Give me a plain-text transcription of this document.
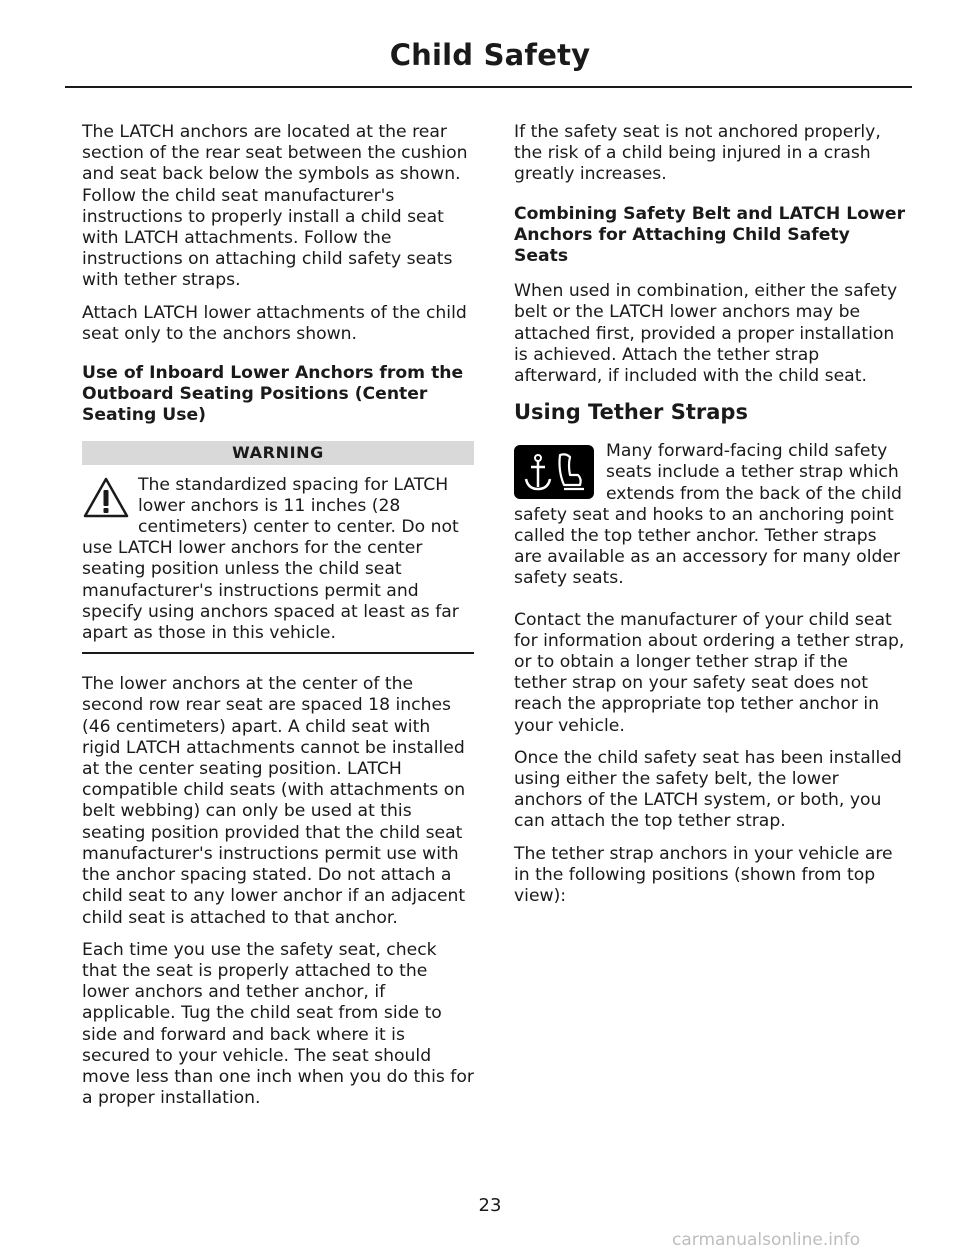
Child Safety

The LATCH anchors are located at the rear section of the rear seat between the cushion and seat back below the symbols as shown. Follow the child seat manufacturer's instructions to properly install a child seat with LATCH attachments. Follow the instructions on attaching child safety seats with tether straps.

Attach LATCH lower attachments of the child seat only to the anchors shown.

Use of Inboard Lower Anchors from the Outboard Seating Positions (Center Seating Use)
WARNING

The standardized spacing for LATCH lower anchors is 11 inches (28 centimeters) center to center. Do not use LATCH lower anchors for the center seating position unless the child seat manufacturer's instructions permit and specify using anchors spaced at least as far apart as those in this vehicle.

The lower anchors at the center of the second row rear seat are spaced 18 inches (46 centimeters) apart. A child seat with rigid LATCH attachments cannot be installed at the center seating position. LATCH compatible child seats (with attachments on belt webbing) can only be used at this seating position provided that the child seat manufacturer's instructions permit use with the anchor spacing stated. Do not attach a child seat to any lower anchor if an adjacent child seat is attached to that anchor.

Each time you use the safety seat, check that the seat is properly attached to the lower anchors and tether anchor, if applicable. Tug the child seat from side to side and forward and back where it is secured to your vehicle. The seat should move less than one inch when you do this for a proper installation.

If the safety seat is not anchored properly, the risk of a child being injured in a crash greatly increases.

Combining Safety Belt and LATCH Lower Anchors for Attaching Child Safety Seats

When used in combination, either the safety belt or the LATCH lower anchors may be attached first, provided a proper installation is achieved. Attach the tether strap afterward, if included with the child seat.

Using Tether Straps

Many forward-facing child safety seats include a tether strap which extends from the back of the child safety seat and hooks to an anchoring point called the top tether anchor. Tether straps are available as an accessory for many older safety seats.

Contact the manufacturer of your child seat for information about ordering a tether strap, or to obtain a longer tether strap if the tether strap on your safety seat does not reach the appropriate top tether anchor in your vehicle.

Once the child safety seat has been installed using either the safety belt, the lower anchors of the LATCH system, or both, you can attach the top tether strap.

The tether strap anchors in your vehicle are in the following positions (shown from top view):

23
carmanualsonline.info
